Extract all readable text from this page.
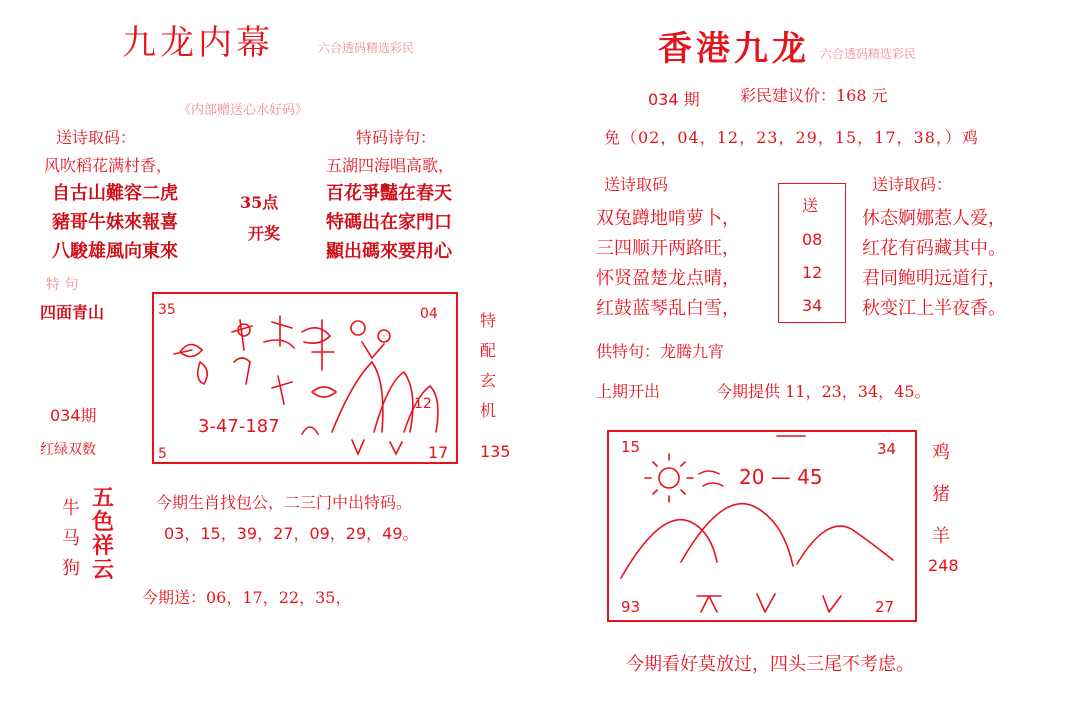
九龙内幕	六合透码精选彩民
《内部赠送心水好码》
送诗取码：	特码诗句：
风吹稻花满村香，
自古山難容二虎
豬哥牛妹來報喜
八駿雄風向東來
35点
开奖
五湖四海唱高歌，
百花爭豔在春天
特碼出在家門口
顯出碼來要用心
特 句
四面青山
034期
红绿双数
35	04
5	17
3-47-187
12
特
配
玄
机
135
牛
马
狗
五
色
祥
云
今期生肖找包公，二三门中出特码。
03，15，39，27，09，29，49。
今期送：06，17，22，35，
香港九龙 六合透码精选彩民
034 期	彩民建议价：168 元
免（02，04，12，23，29，15，17，38，）鸡
送诗取码	送诗取码：
双兔蹲地啃萝卜，
三四顺开两路旺，
怀贤盈楚龙点晴，
红鼓蓝琴乱白雪，
送
08
12
34
休态婀娜惹人爱，
红花有码藏其中。
君同鲍明远道行，
秋变江上半夜香。
供特句：龙腾九宵
上期开出	今期提供 11，23，34，45。
15	34
93	27
20 — 45
鸡
猪
羊
248
今期看好莫放过，四头三尾不考虑。
